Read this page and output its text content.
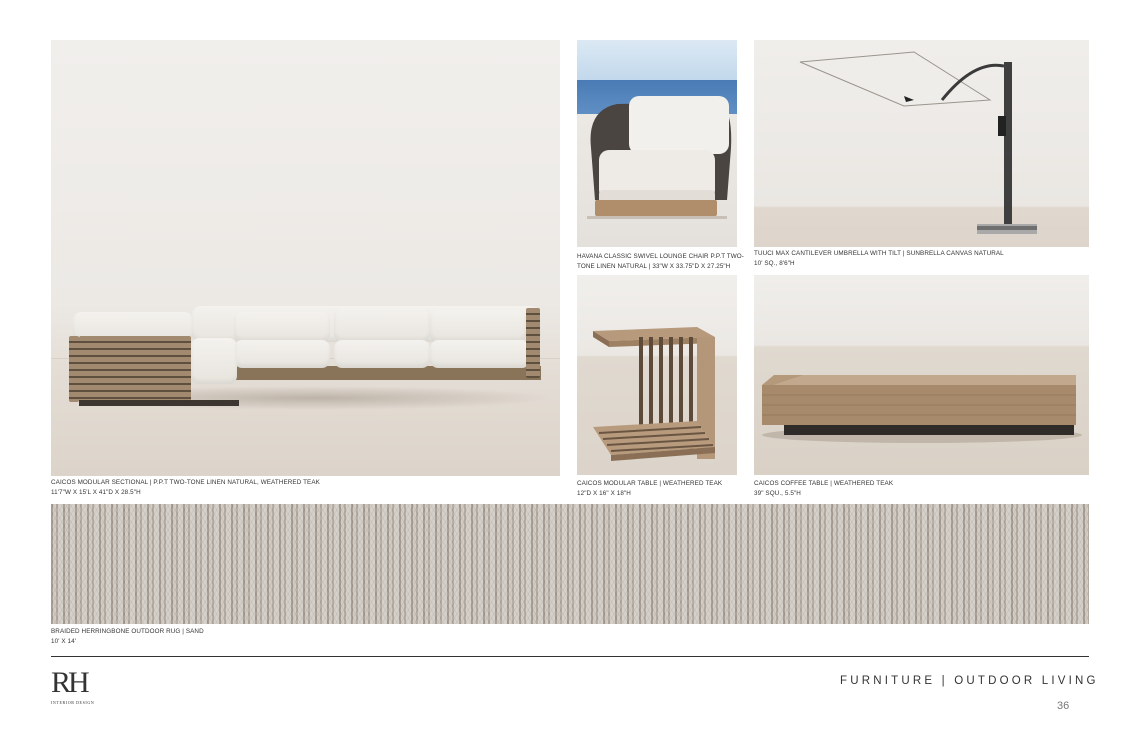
CAICOS MODULAR SECTIONAL | P.P.T TWO-TONE LINEN NATURAL, WEATHERED TEAK
11'7"W X 15'L X 41"D X 28.5"H
HAVANA CLASSIC SWIVEL LOUNGE CHAIR P.P.T TWO-
TONE LINEN NATURAL | 33"W X 33.75"D X 27.25"H
TUUCI MAX CANTILEVER UMBRELLA WITH TILT | SUNBRELLA CANVAS NATURAL
10' SQ., 8'6"H
CAICOS MODULAR TABLE | WEATHERED TEAK
12"D X 16" X 18"H
CAICOS COFFEE TABLE | WEATHERED TEAK
39" SQU., 5.5"H
BRAIDED HERRINGBONE OUTDOOR RUG | SAND
10' X 14'
RH
INTERIOR DESIGN
FURNITURE | OUTDOOR LIVING
36
